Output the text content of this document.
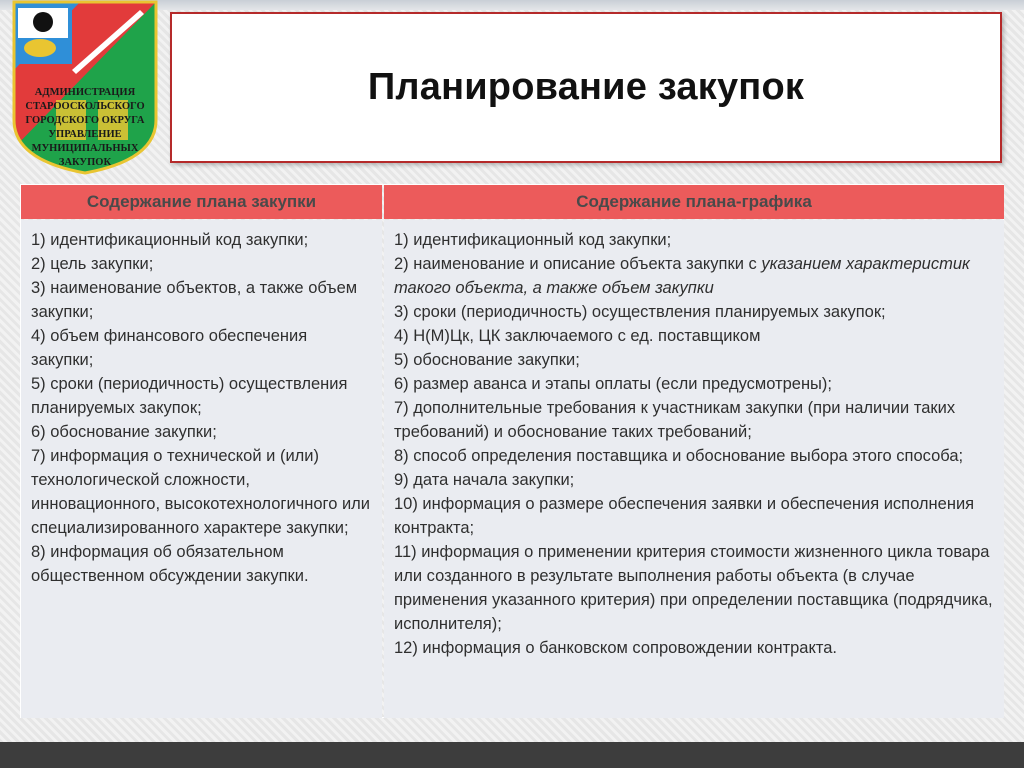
АДМИНИСТРАЦИЯ
СТАРООСКОЛЬСКОГО
ГОРОДСКОГО ОКРУГА
УПРАВЛЕНИЕ
МУНИЦИПАЛЬНЫХ
ЗАКУПОК
Планирование закупок
Содержание плана закупки	Содержание плана-графика

1) идентификационный код закупки;

2) цель закупки;

3) наименование объектов, а также объем закупки;

4) объем финансового обеспечения закупки;

5) сроки (периодичность) осуществления планируемых закупок;

6) обоснование закупки;

7) информация о технической и (или) технологической сложности, инновационного, высокотехнологичного или специализированного характере закупки;

8) информация об обязательном общественном обсуждении закупки.

1) идентификационный код закупки;

2) наименование и описание объекта закупки с указанием характеристик такого объекта, а также объем закупки

3) сроки (периодичность) осуществления планируемых закупок;

4) Н(М)Цк, ЦК заключаемого с ед. поставщиком

5) обоснование закупки;

6) размер аванса и этапы оплаты (если предусмотрены);

7) дополнительные требования к участникам закупки (при наличии таких требований) и обоснование таких требований;

8) способ определения поставщика и обоснование выбора этого способа;

9) дата начала закупки;

10) информация о размере обеспечения заявки и обеспечения исполнения контракта;

11) информация о применении критерия стоимости жизненного цикла товара или созданного в результате выполнения работы объекта (в случае применения указанного критерия) при определении поставщика (подрядчика, исполнителя);

12) информация о банковском сопровождении контракта.
